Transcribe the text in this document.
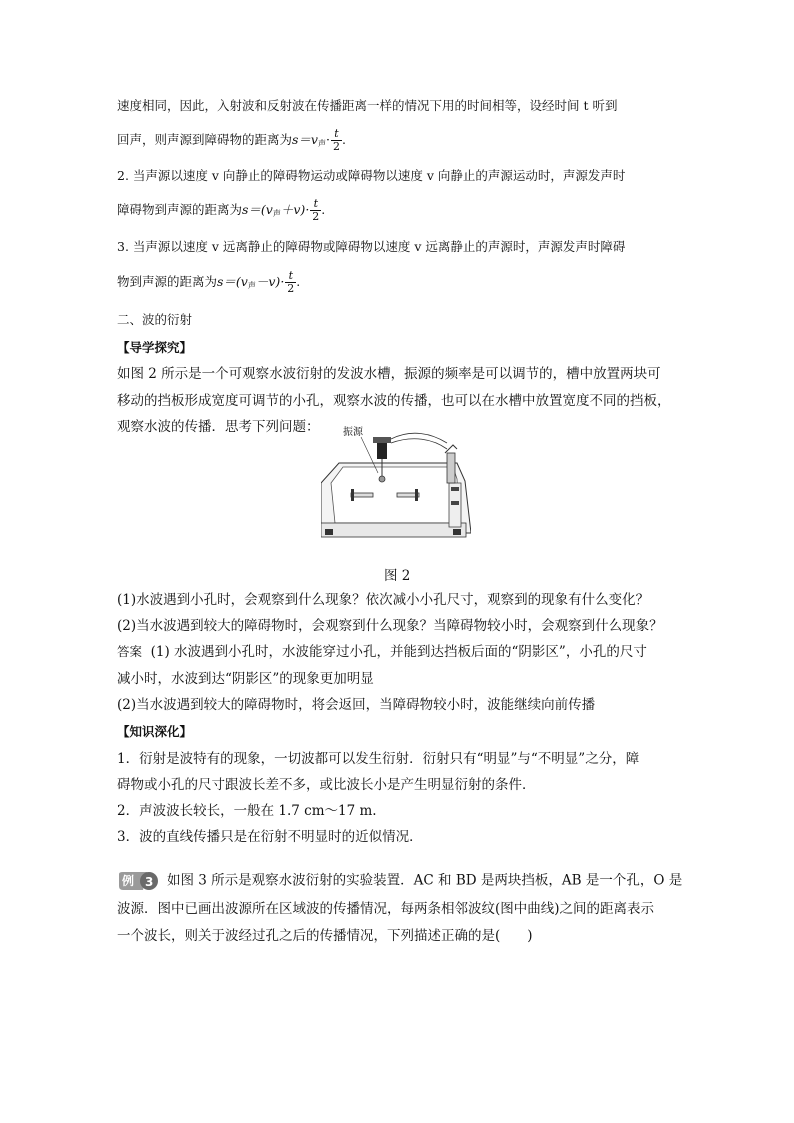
速度相同，因此，入射波和反射波在传播距离一样的情况下用的时间相等，设经时间 t 听到
回声，则声源到障碍物的距离为$s=v_声\cdot \frac{t}{2}$ .
2. 当声源以速度 v 向静止的障碍物运动或障碍物以速度 v 向静止的声源运动时，声源发声时
障碍物到声源的距离为$s=(v_声+v)\cdot \frac{t}{2}$ .
3. 当声源以速度 v 远离静止的障碍物或障碍物以速度 v 远离静止的声源时，声源发声时障碍
物到声源的距离为$s=(v_声-v)\cdot \frac{t}{2}$ .
二、波的衍射
【导学探究】
如图 2 所示是一个可观察水波衍射的发波水槽，振源的频率是可以调节的，槽中放置两块可
移动的挡板形成宽度可调节的小孔，观察水波的传播，也可以在水槽中放置宽度不同的挡板，
观察水波的传播．思考下列问题： 振源
图 2
(1)水波遇到小孔时，会观察到什么现象？依次减小小孔尺寸，观察到的现象有什么变化？
(2)当水波遇到较大的障碍物时，会观察到什么现象？当障碍物较小时，会观察到什么现象？
答案 (1) 水波遇到小孔时，水波能穿过小孔，并能到达挡板后面的“阴影区”，小孔的尺寸
减小时，水波到达“阴影区”的现象更加明显
(2)当水波遇到较大的障碍物时，将会返回，当障碍物较小时，波能继续向前传播
【知识深化】
1．衍射是波特有的现象，一切波都可以发生衍射．衍射只有“明显”与“不明显”之分，障
碍物或小孔的尺寸跟波长差不多，或比波长小是产生明显衍射的条件．
2．声波波长较长，一般在 1.7 cm～17 m.
3．波的直线传播只是在衍射不明显时的近似情况．
例 3 如图 3 所示是观察水波衍射的实验装置．AC 和 BD 是两块挡板，AB 是一个孔，O 是
波源．图中已画出波源所在区域波的传播情况，每两条相邻波纹(图中曲线)之间的距离表示
一个波长，则关于波经过孔之后的传播情况，下列描述正确的是(　　)
